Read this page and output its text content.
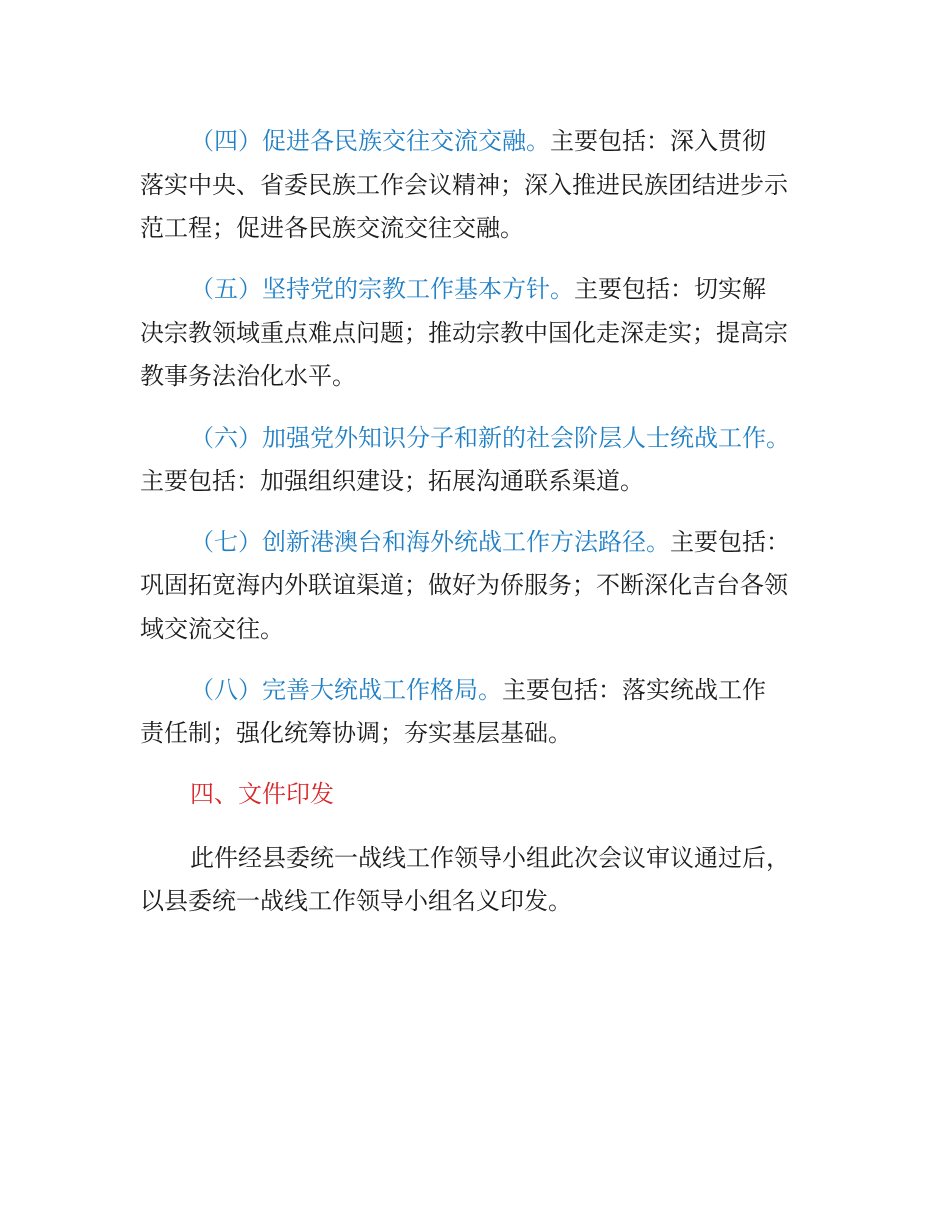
（四）促进各民族交往交流交融。主要包括：深入贯彻
落实中央、省委民族工作会议精神；深入推进民族团结进步示
范工程；促进各民族交流交往交融。
（五）坚持党的宗教工作基本方针。主要包括：切实解
决宗教领域重点难点问题；推动宗教中国化走深走实；提高宗
教事务法治化水平。
（六）加强党外知识分子和新的社会阶层人士统战工作。
主要包括：加强组织建设；拓展沟通联系渠道。
（七）创新港澳台和海外统战工作方法路径。主要包括：
巩固拓宽海内外联谊渠道；做好为侨服务；不断深化吉台各领
域交流交往。
（八）完善大统战工作格局。主要包括：落实统战工作
责任制；强化统筹协调；夯实基层基础。
四、文件印发
此件经县委统一战线工作领导小组此次会议审议通过后，
以县委统一战线工作领导小组名义印发。
